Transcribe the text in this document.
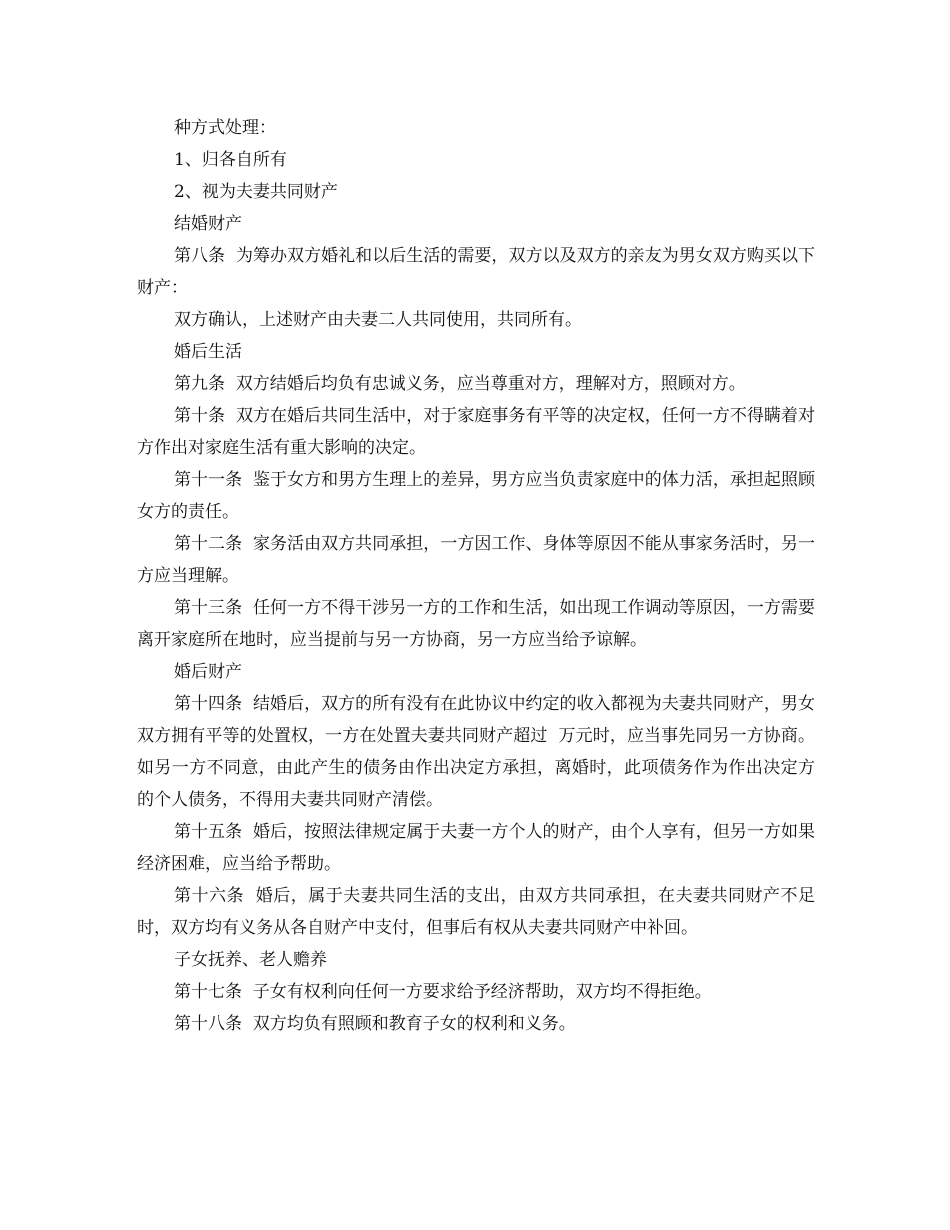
种方式处理：

1、归各自所有

2、视为夫妻共同财产

结婚财产

第八条  为筹办双方婚礼和以后生活的需要，双方以及双方的亲友为男女双方购买以下财产：

双方确认，上述财产由夫妻二人共同使用，共同所有。

婚后生活

第九条  双方结婚后均负有忠诚义务，应当尊重对方，理解对方，照顾对方。

第十条  双方在婚后共同生活中，对于家庭事务有平等的决定权，任何一方不得瞒着对方作出对家庭生活有重大影响的决定。

第十一条  鉴于女方和男方生理上的差异，男方应当负责家庭中的体力活，承担起照顾女方的责任。

第十二条  家务活由双方共同承担，一方因工作、身体等原因不能从事家务活时，另一方应当理解。

第十三条  任何一方不得干涉另一方的工作和生活，如出现工作调动等原因，一方需要离开家庭所在地时，应当提前与另一方协商，另一方应当给予谅解。

婚后财产

第十四条  结婚后，双方的所有没有在此协议中约定的收入都视为夫妻共同财产，男女双方拥有平等的处置权，一方在处置夫妻共同财产超过  万元时，应当事先同另一方协商。如另一方不同意，由此产生的债务由作出决定方承担，离婚时，此项债务作为作出决定方的个人债务，不得用夫妻共同财产清偿。

第十五条  婚后，按照法律规定属于夫妻一方个人的财产，由个人享有，但另一方如果经济困难，应当给予帮助。

第十六条  婚后，属于夫妻共同生活的支出，由双方共同承担，在夫妻共同财产不足时，双方均有义务从各自财产中支付，但事后有权从夫妻共同财产中补回。

子女抚养、老人赡养

第十七条  子女有权利向任何一方要求给予经济帮助，双方均不得拒绝。

第十八条  双方均负有照顾和教育子女的权利和义务。
